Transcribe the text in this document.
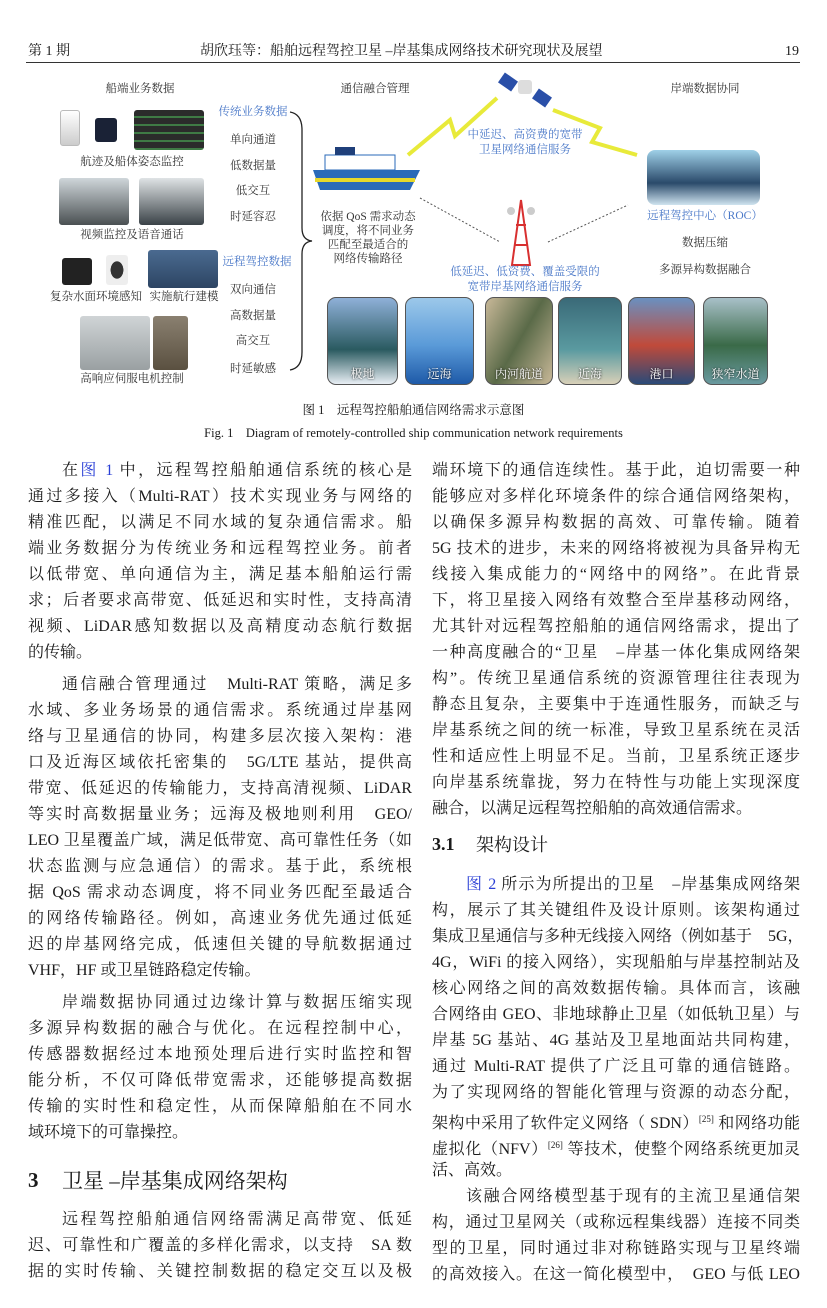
第 1 期	胡欣珏等：船舶远程驾控卫星 –岸基集成网络技术研究现状及展望	19
船端业务数据	通信融合管理	岸端数据协同
航迹及船体姿态监控
视频监控及语音通话
复杂水面环境感知 实施航行建模
高响应伺服电机控制
传统业务数据
单向通道
低数据量
低交互
时延容忍
远程驾控数据
双向通信
高数据量
高交互
时延敏感
依据 QoS 需求动态
调度，将不同业务
匹配至最适合的
网络传输路径
中延迟、高资费的宽带
卫星网络通信服务
低延迟、低资费、覆盖受限的
宽带岸基网络通信服务
远程驾控中心（ROC）
数据压缩
多源异构数据融合
极地	远海	内河航道	近海	港口	狭窄水道
图 1　远程驾控船舶通信网络需求示意图
Fig. 1　Diagram of remotely-controlled ship communication network requirements
在图 1 中，远程驾控船舶通信系统的核心是
通过多接入（Multi-RAT）技术实现业务与网络的
精准匹配，以满足不同水域的复杂通信需求。船
端业务数据分为传统业务和远程驾控业务。前者
以低带宽、单向通信为主，满足基本船舶运行需
求；后者要求高带宽、低延迟和实时性，支持高清
视频、LiDAR感知数据以及高精度动态航行数据
的传输。
通信融合管理通过　Multi-RAT 策略，满足多
水域、多业务场景的通信需求。系统通过岸基网
络与卫星通信的协同，构建多层次接入架构：港
口及近海区域依托密集的　5G/LTE 基站，提供高
带宽、低延迟的传输能力，支持高清视频、LiDAR
等实时高数据量业务；远海及极地则利用　GEO/
LEO 卫星覆盖广域，满足低带宽、高可靠性任务（如
状态监测与应急通信）的需求。基于此，系统根
据 QoS 需求动态调度，将不同业务匹配至最适合
的网络传输路径。例如，高速业务优先通过低延
迟的岸基网络完成，低速但关键的导航数据通过
VHF，HF 或卫星链路稳定传输。
岸端数据协同通过边缘计算与数据压缩实现
多源异构数据的融合与优化。在远程控制中心，
传感器数据经过本地预处理后进行实时监控和智
能分析，不仅可降低带宽需求，还能够提高数据
传输的实时性和稳定性，从而保障船舶在不同水
域环境下的可靠操控。
3	卫星 –岸基集成网络架构
远程驾控船舶通信网络需满足高带宽、低延
迟、可靠性和广覆盖的多样化需求，以支持　SA 数
据的实时传输、关键控制数据的稳定交互以及极
端环境下的通信连续性。基于此，迫切需要一种
能够应对多样化环境条件的综合通信网络架构，
以确保多源异构数据的高效、可靠传输。随着
5G 技术的进步，未来的网络将被视为具备异构无
线接入集成能力的“网络中的网络”。在此背景
下，将卫星接入网络有效整合至岸基移动网络，
尤其针对远程驾控船舶的通信网络需求，提出了
一种高度融合的“卫星　–岸基一体化集成网络架
构”。传统卫星通信系统的资源管理往往表现为
静态且复杂，主要集中于连通性服务，而缺乏与
岸基系统之间的统一标准，导致卫星系统在灵活
性和适应性上明显不足。当前，卫星系统正逐步
向岸基系统靠拢，努力在特性与功能上实现深度
融合，以满足远程驾控船舶的高效通信需求。
3.1	架构设计
图 2 所示为所提出的卫星　–岸基集成网络架
构，展示了其关键组件及设计原则。该架构通过
集成卫星通信与多种无线接入网络（例如基于　5G，
4G，WiFi 的接入网络），实现船舶与岸基控制站及
核心网络之间的高效数据传输。具体而言，该融
合网络由 GEO、非地球静止卫星（如低轨卫星）与
岸基 5G 基站、4G 基站及卫星地面站共同构建，
通过 Multi-RAT 提供了广泛且可靠的通信链路。
为了实现网络的智能化管理与资源的动态分配，
架构中采用了软件定义网络（ SDN）[25] 和网络功能
虚拟化（NFV）[26] 等技术，使整个网络系统更加灵
活、高效。
该融合网络模型基于现有的主流卫星通信架
构，通过卫星网关（或称远程集线器）连接不同类
型的卫星，同时通过非对称链路实现与卫星终端
的高效接入。在这一简化模型中，　GEO 与低 LEO
